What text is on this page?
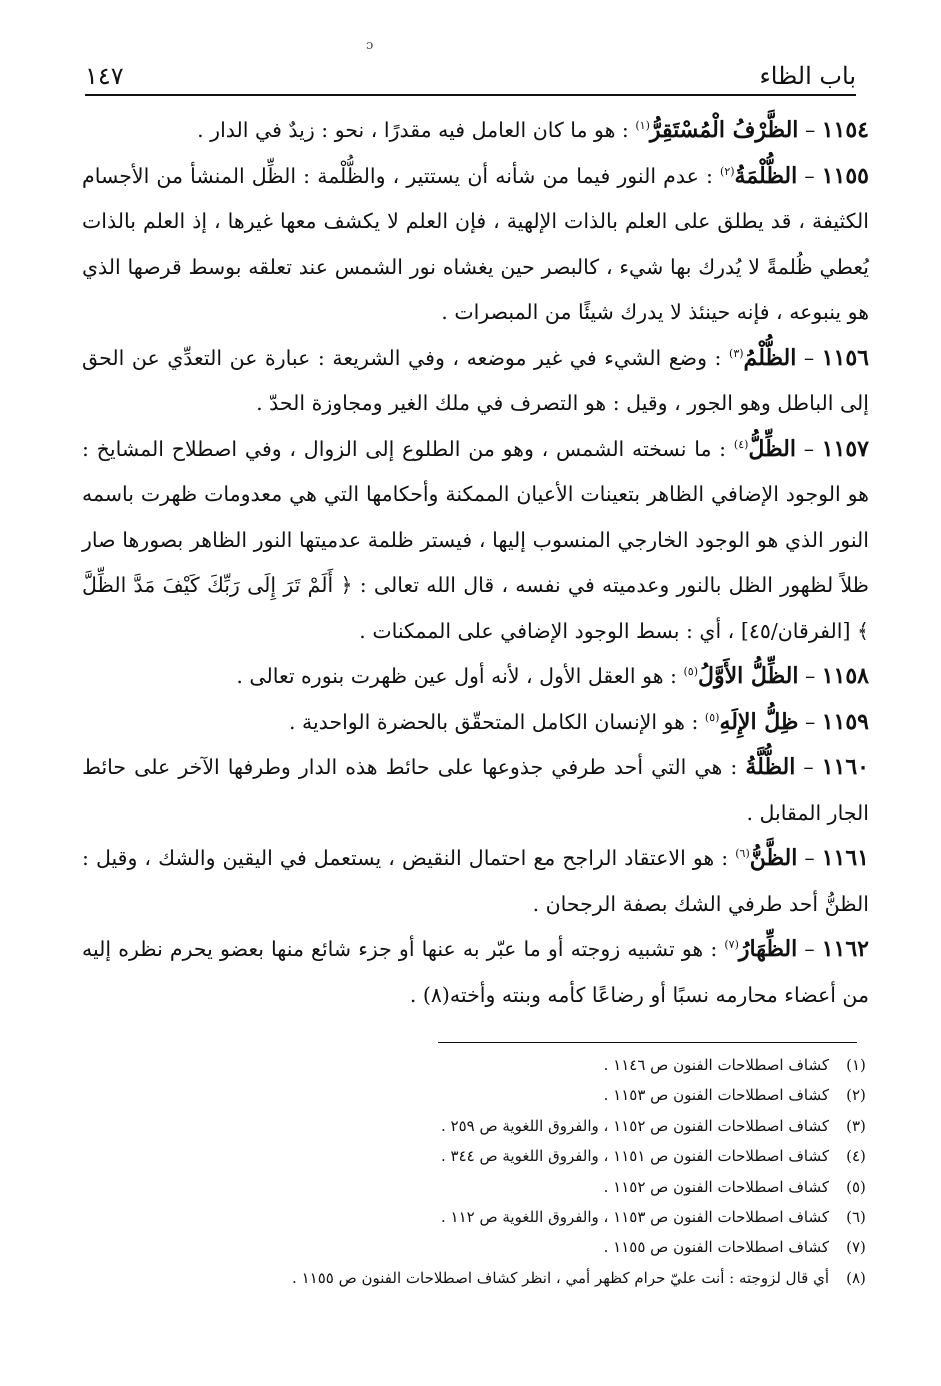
ɔ
باب الظاء
١٤٧

١١٥٤ – الظَّرْفُ الْمُسْتَقِرُّ$^{(١)}$ : هو ما كان العامل فيه مقدرًا ، نحو : زيدٌ في الدار .

١١٥٥ – الظُّلْمَةُ$^{(٢)}$ : عدم النور فيما من شأنه أن يستتير ، والظُّلْمة : الظِّل المنشأ من الأجسام الكثيفة ، قد يطلق على العلم بالذات الإلهية ، فإن العلم لا يكشف معها غيرها ، إذ العلم بالذات يُعطي ظُلمةً لا يُدرك بها شيء ، كالبصر حين يغشاه نور الشمس عند تعلقه بوسط قرصها الذي هو ينبوعه ، فإنه حينئذ لا يدرك شيئًا من المبصرات .

١١٥٦ – الظُّلْمُ$^{(٣)}$ : وضع الشيء في غير موضعه ، وفي الشريعة : عبارة عن التعدِّي عن الحق إلى الباطل وهو الجور ، وقيل : هو التصرف في ملك الغير ومجاوزة الحدّ .

١١٥٧ – الظِّلُّ$^{(٤)}$ : ما نسخته الشمس ، وهو من الطلوع إلى الزوال ، وفي اصطلاح المشايخ : هو الوجود الإضافي الظاهر بتعينات الأعيان الممكنة وأحكامها التي هي معدومات ظهرت باسمه النور الذي هو الوجود الخارجي المنسوب إليها ، فيستر ظلمة عدميتها النور الظاهر بصورها صار ظلاً لظهور الظل بالنور وعدميته في نفسه ، قال الله تعالى : ﴿ أَلَمْ تَرَ إِلَى رَبِّكَ كَيْفَ مَدَّ الظِّلَّ ﴾ [الفرقان/٤٥] ، أي : بسط الوجود الإضافي على الممكنات .

١١٥٨ – الظِّلُّ الأَوَّلُ$^{(٥)}$ : هو العقل الأول ، لأنه أول عين ظهرت بنوره تعالى .

١١٥٩ – ظِلُّ الإِلَهِ$^{(٥)}$ : هو الإنسان الكامل المتحقّق بالحضرة الواحدية .

١١٦٠ – الظُّلَّةُ : هي التي أحد طرفي جذوعها على حائط هذه الدار وطرفها الآخر على حائط الجار المقابل .

١١٦١ – الظَّنُّ$^{(٦)}$ : هو الاعتقاد الراجح مع احتمال النقيض ، يستعمل في اليقين والشك ، وقيل : الظنُّ أحد طرفي الشك بصفة الرجحان .

١١٦٢ – الظِّهَارُ$^{(٧)}$ : هو تشبيه زوجته أو ما عبّر به عنها أو جزء شائع منها بعضو يحرم نظره إليه من أعضاء محارمه نسبًا أو رضاعًا كأمه وبنته وأخته(٨) .

(١)
كشاف اصطلاحات الفنون ص ١١٤٦ .
(٢)
كشاف اصطلاحات الفنون ص ١١٥٣ .
(٣)
كشاف اصطلاحات الفنون ص ١١٥٢ ، والفروق اللغوية ص ٢٥٩ .
(٤)
كشاف اصطلاحات الفنون ص ١١٥١ ، والفروق اللغوية ص ٣٤٤ .
(٥)
كشاف اصطلاحات الفنون ص ١١٥٢ .
(٦)
كشاف اصطلاحات الفنون ص ١١٥٣ ، والفروق اللغوية ص ١١٢ .
(٧)
كشاف اصطلاحات الفنون ص ١١٥٥ .
(٨)
أي قال لزوجته : أنت عليّ حرام كظهر أمي ، انظر كشاف اصطلاحات الفنون ص ١١٥٥ .
